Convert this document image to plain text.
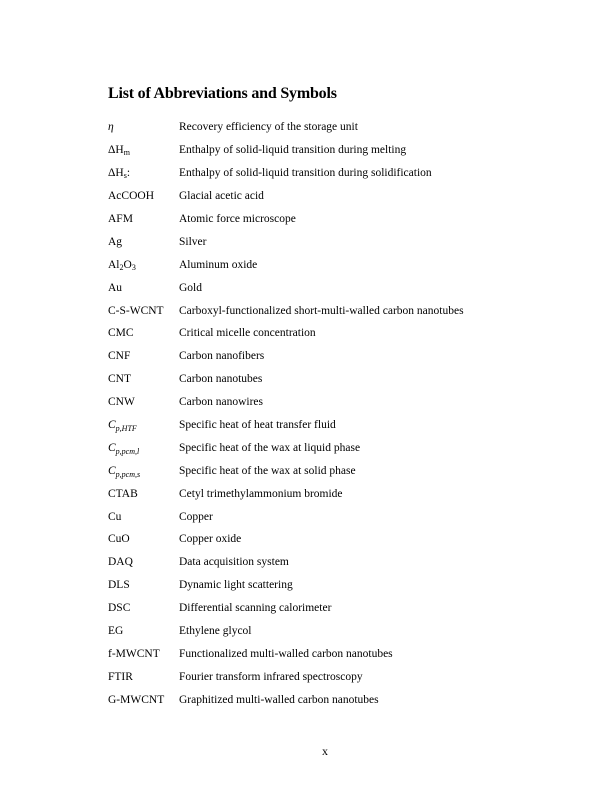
List of Abbreviations and Symbols
η	Recovery efficiency of the storage unit
$\Delta H_m$	Enthalpy of solid-liquid transition during melting
$\Delta H_s$:	Enthalpy of solid-liquid transition during solidification
AcCOOH	Glacial acetic acid
AFM	Atomic force microscope
Ag	Silver
$Al_2O_3$	Aluminum oxide
Au	Gold
C-S-WCNT	Carboxyl-functionalized short-multi-walled carbon nanotubes
CMC	Critical micelle concentration
CNF	Carbon nanofibers
CNT	Carbon nanotubes
CNW	Carbon nanowires
$C_{p,HTF}$	Specific heat of heat transfer fluid
$C_{p,pcm,l}$	Specific heat of the wax at liquid phase
$C_{p,pcm,s}$	Specific heat of the wax at solid phase
CTAB	Cetyl trimethylammonium bromide
Cu	Copper
CuO	Copper oxide
DAQ	Data acquisition system
DLS	Dynamic light scattering
DSC	Differential scanning calorimeter
EG	Ethylene glycol
f-MWCNT	Functionalized multi-walled carbon nanotubes
FTIR	Fourier transform infrared spectroscopy
G-MWCNT	Graphitized multi-walled carbon nanotubes
x
